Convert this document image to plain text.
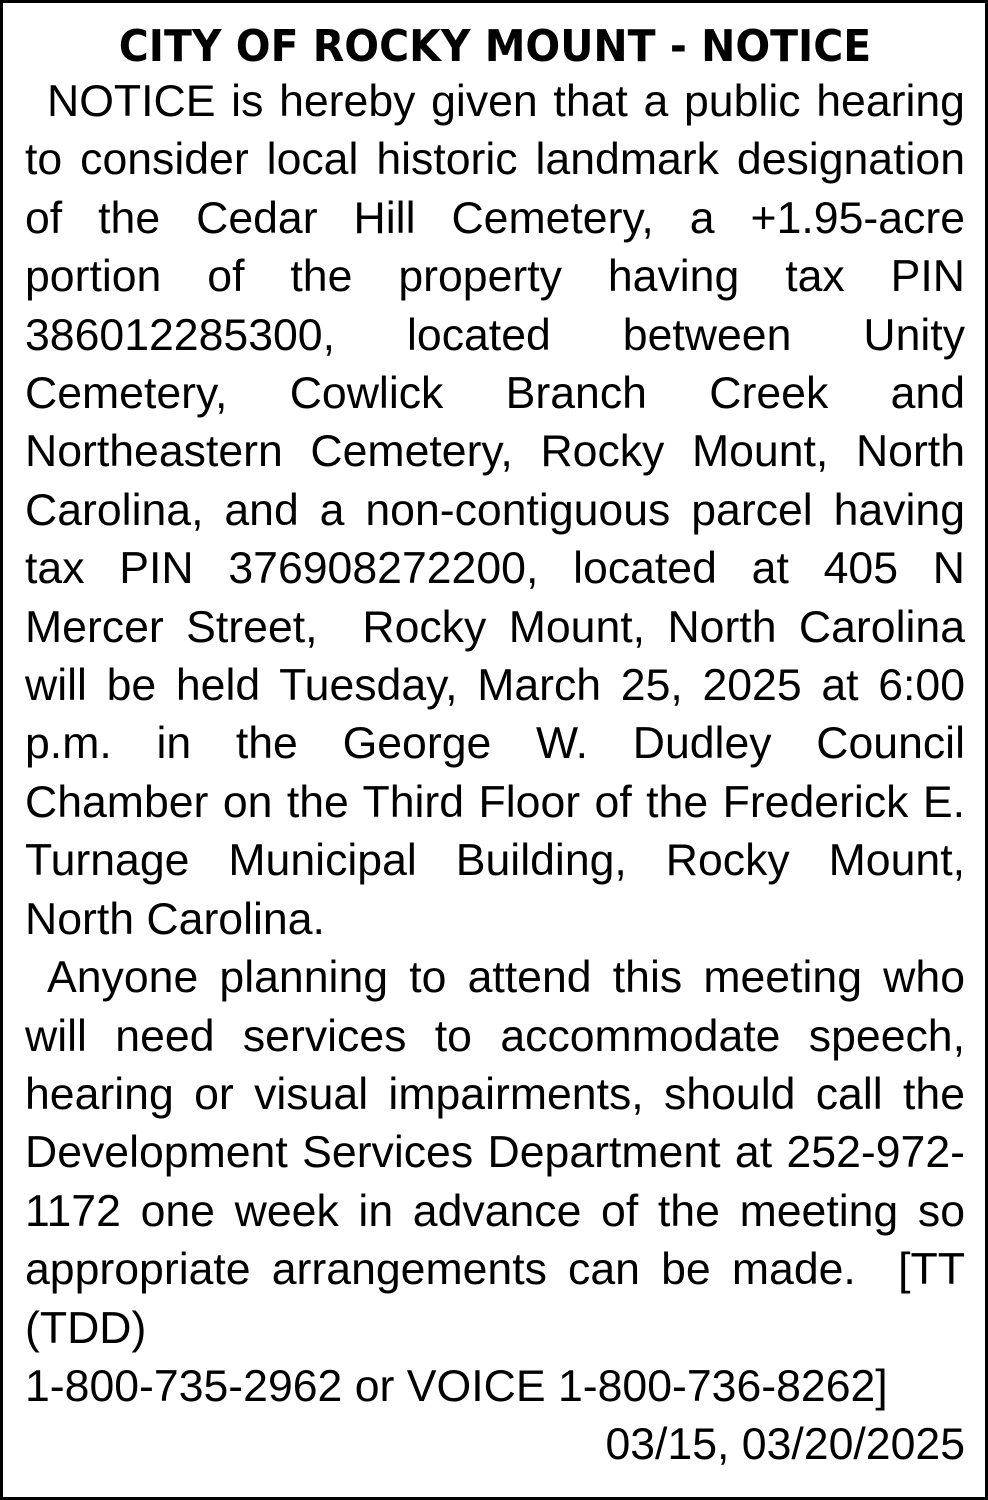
CITY OF ROCKY MOUNT - NOTICE

NOTICE is hereby given that a public hearing to consider local historic landmark designation of the Cedar Hill Cemetery, a +1.95-acre portion of the property having tax PIN 386012285300, located between Unity Cemetery, Cowlick Branch Creek and Northeastern Cemetery, Rocky Mount, North Carolina, and a non-contiguous parcel having tax PIN 376908272200, located at 405 N Mercer Street,  Rocky Mount, North Carolina will be held Tuesday, March 25, 2025 at 6:00 p.m. in the George W. Dudley Council Chamber on the Third Floor of the Frederick E. Turnage Municipal Building, Rocky Mount, North Carolina.

Anyone planning to attend this meeting who will need services to accommodate speech, hearing or visual impairments, should call the Development Services Department at 252-972-1172 one week in advance of the meeting so appropriate arrangements can be made.  [TT (TDD)

1-800-735-2962 or VOICE 1-800-736-8262]

03/15, 03/20/2025
